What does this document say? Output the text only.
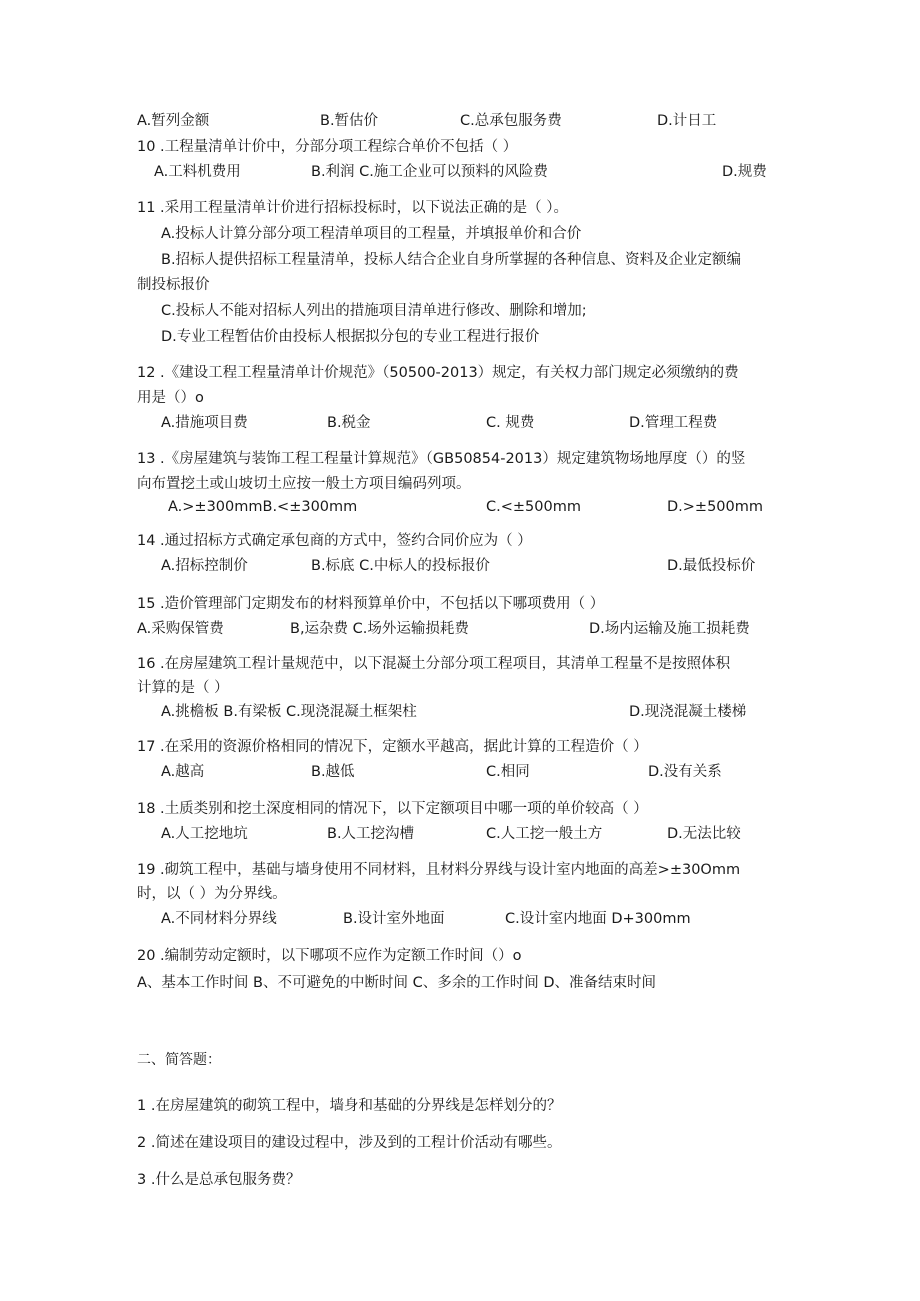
A.暂列金额	B.暂估价	C.总承包服务费	D.计日工
10 .工程量清单计价中，分部分项工程综合单价不包括（ ）
A.工料机费用	B.利润 C.施工企业可以预料的风险费	D.规费
11 .采用工程量清单计价进行招标投标时，以下说法正确的是（ ）。
A.投标人计算分部分项工程清单项目的工程量，并填报单价和合价
B.招标人提供招标工程量清单，投标人结合企业自身所掌握的各种信息、资料及企业定额编
制投标报价
C.投标人不能对招标人列出的措施项目清单进行修改、删除和增加;
D.专业工程暂估价由投标人根据拟分包的专业工程进行报价
12 .《建设工程工程量清单计价规范》（50500-2013）规定，有关权力部门规定必须缴纳的费
用是（）o
A.措施项目费	B.税金	C. 规费	D.管理工程费
13 .《房屋建筑与装饰工程工程量计算规范》（GB50854-2013）规定建筑物场地厚度（）的竖
向布置挖土或山坡切土应按一般土方项目编码列项。
A.>±300mmB.<±300mm	C.<±500mm	D.>±500mm
14 .通过招标方式确定承包商的方式中，签约合同价应为（ ）
A.招标控制价	B.标底 C.中标人的投标报价	D.最低投标价
15 .造价管理部门定期发布的材料预算单价中，不包括以下哪项费用（ ）
A.采购保管费	B,运杂费 C.场外运输损耗费	D.场内运输及施工损耗费
16 .在房屋建筑工程计量规范中，以下混凝土分部分项工程项目，其清单工程量不是按照体积
计算的是（ ）
A.挑檐板 B.有梁板 C.现浇混凝土框架柱	D.现浇混凝土楼梯
17 .在采用的资源价格相同的情况下，定额水平越高，据此计算的工程造价（ ）
A.越高	B.越低	C.相同	D.没有关系
18 .土质类别和挖土深度相同的情况下，以下定额项目中哪一项的单价较高（ ）
A.人工挖地坑	B.人工挖沟槽	C.人工挖一般土方	D.无法比较
19 .砌筑工程中，基础与墙身使用不同材料，且材料分界线与设计室内地面的高差>±30Omm
时，以（ ）为分界线。
A.不同材料分界线	B.设计室外地面	C.设计室内地面 D+300mm
20 .编制劳动定额时，以下哪项不应作为定额工作时间（）o
A、基本工作时间 B、不可避免的中断时间 C、多余的工作时间 D、准备结束时间
二、简答题：
1 .在房屋建筑的砌筑工程中，墙身和基础的分界线是怎样划分的？
2 .简述在建设项目的建设过程中，涉及到的工程计价活动有哪些。
3 .什么是总承包服务费？
